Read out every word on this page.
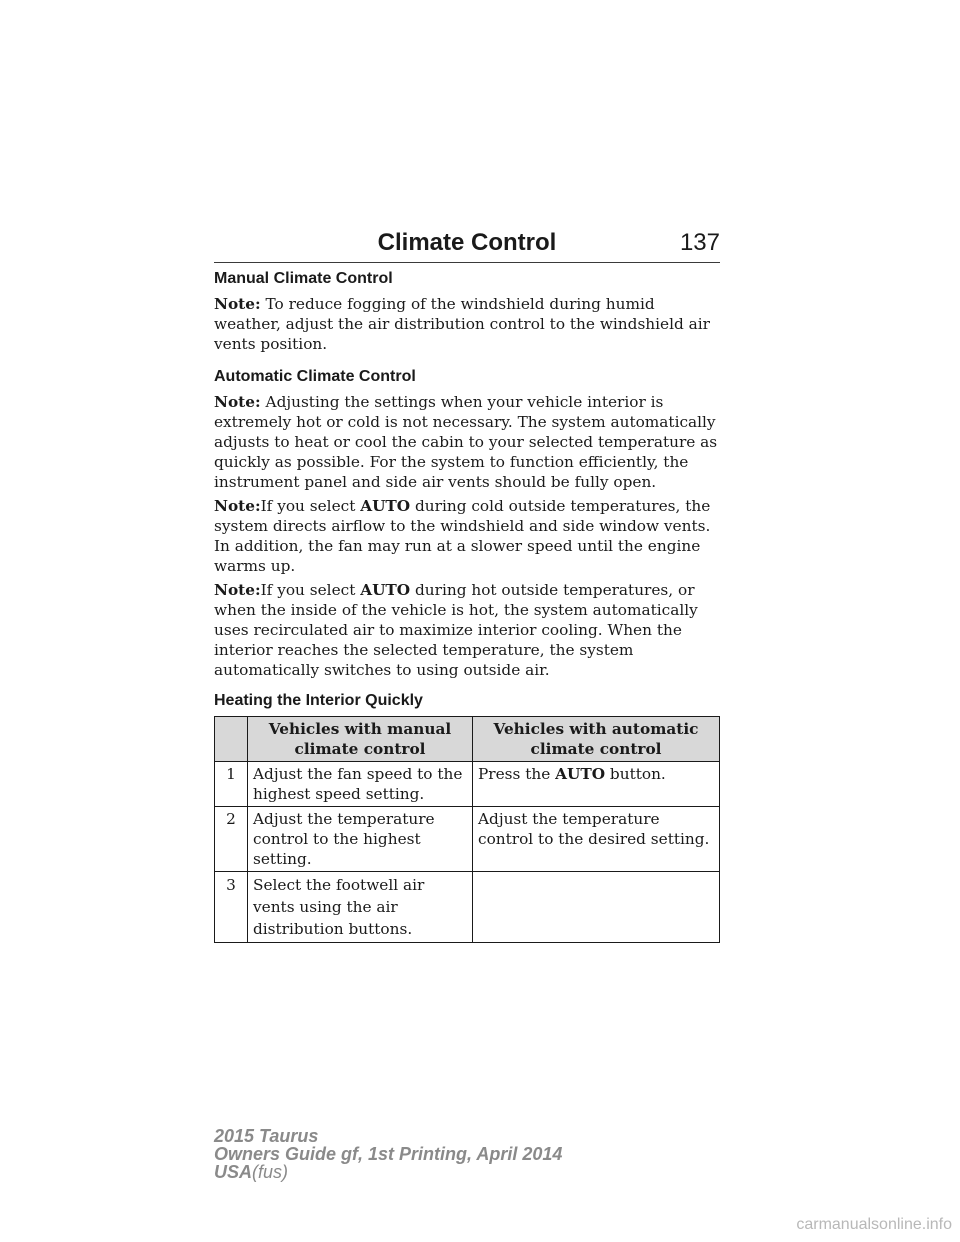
Climate Control	137
Manual Climate Control

Note: To reduce fogging of the windshield during humid weather, adjust the air distribution control to the windshield air vents position.

Automatic Climate Control

Note: Adjusting the settings when your vehicle interior is extremely hot or cold is not necessary. The system automatically adjusts to heat or cool the cabin to your selected temperature as quickly as possible. For the system to function efficiently, the instrument panel and side air vents should be fully open.

Note:If you select AUTO during cold outside temperatures, the system directs airflow to the windshield and side window vents. In addition, the fan may run at a slower speed until the engine warms up.

Note:If you select AUTO during hot outside temperatures, or when the inside of the vehicle is hot, the system automatically uses recirculated air to maximize interior cooling. When the interior reaches the selected temperature, the system automatically switches to using outside air.

Heating the Interior Quickly
	Vehicles with manual climate control	Vehicles with automatic climate control
1	Adjust the fan speed to the highest speed setting.	Press the AUTO button.
2	Adjust the temperature control to the highest setting.	Adjust the temperature control to the desired setting.
3	Select the footwell air vents using the air distribution buttons.	
2015 Taurus
Owners Guide gf, 1st Printing, April 2014
USA(fus)
carmanualsonline.info
